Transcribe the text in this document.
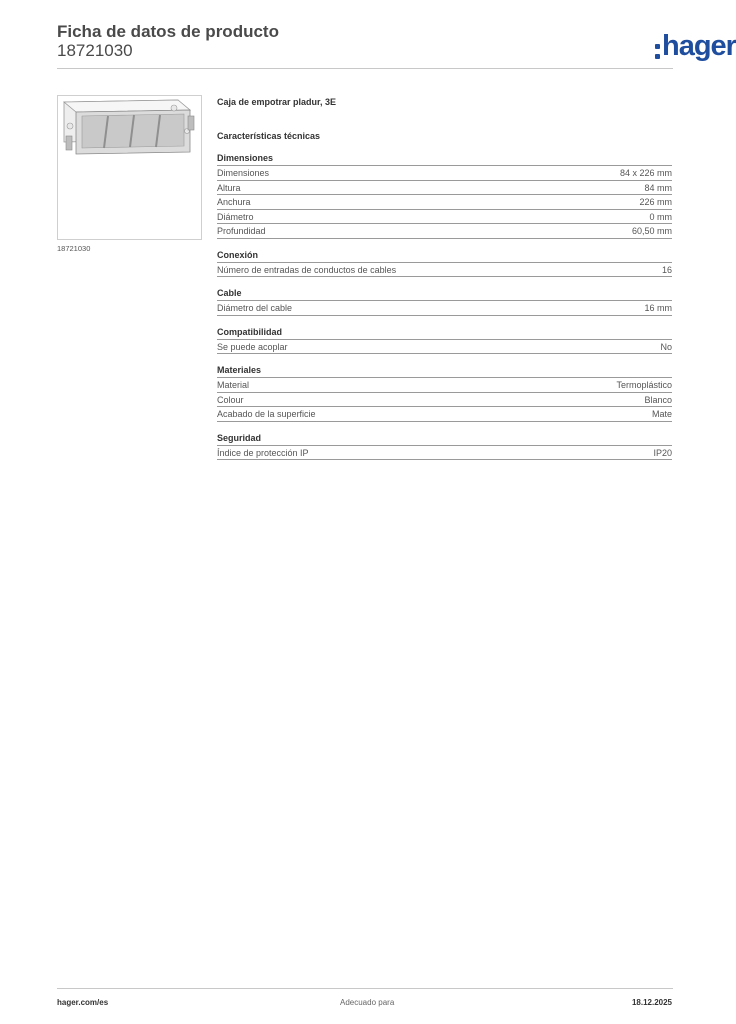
Ficha de datos de producto
18721030	hager
18721030
Caja de empotrar pladur, 3E
Características técnicas
Dimensiones
Dimensiones	84 x 226 mm
Altura	84 mm
Anchura	226 mm
Diámetro	0 mm
Profundidad	60,50 mm
Conexión
Número de entradas de conductos de cables	16
Cable
Diámetro del cable	16 mm
Compatibilidad
Se puede acoplar	No
Materiales
Material	Termoplástico
Colour	Blanco
Acabado de la superficie	Mate
Seguridad
Índice de protección IP	IP20
hager.com/es	Adecuado para	18.12.2025
